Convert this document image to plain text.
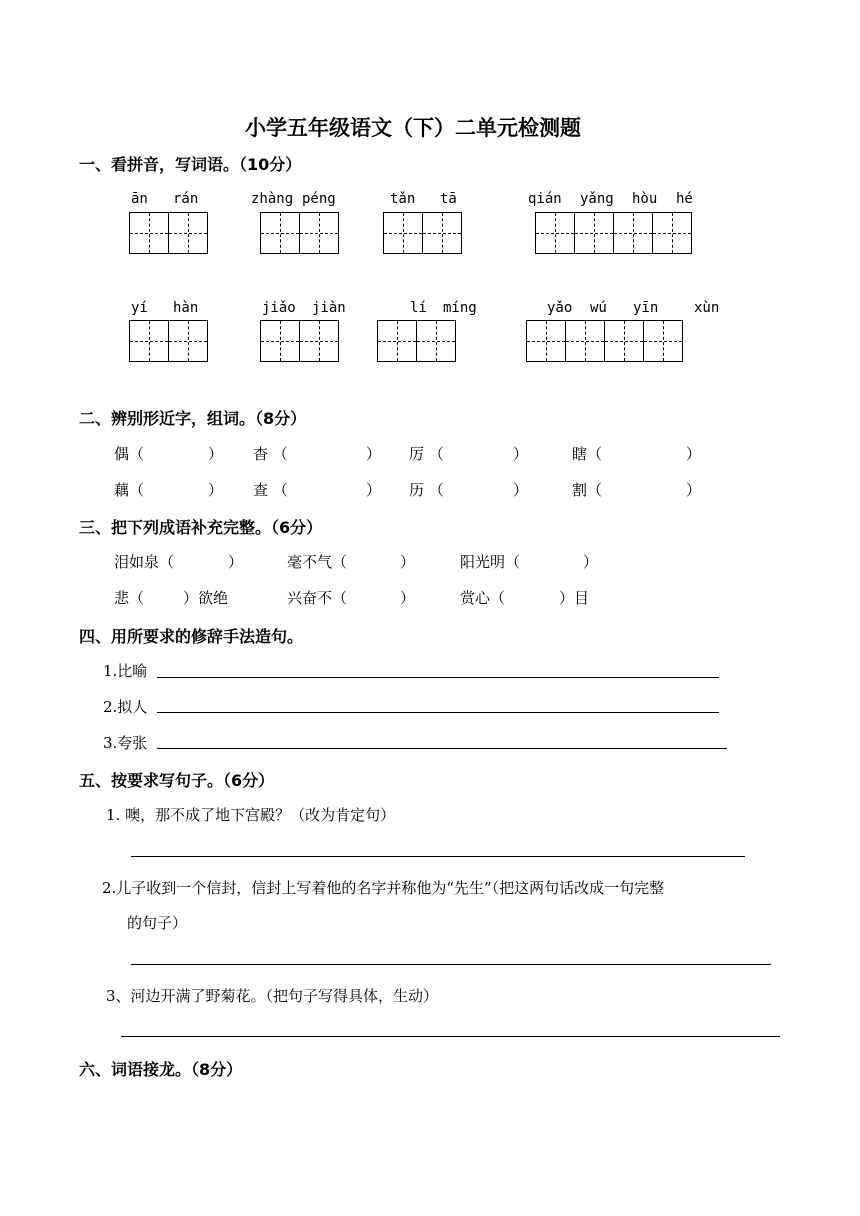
小学五年级语文（下）二单元检测题
一、看拼音，写词语。（10分）
ān rán	zhàng péng	tǎn tā	qián yǎng hòu hé
yí hàn	jiǎo jiàn	lí míng	yǎo wú yīn	xùn
二、辨别形近字，组词。（8分）
偶（	） 杳 （	） 厉 （	）	瞎（	）
藕（	） 查 （	） 历 （	）	割（	）
三、把下列成语补充完整。（6分）
泪如泉（	）	毫不气（	）	阳光明（	）
悲（	）欲绝	兴奋不（	）	赏心（	）目
四、用所要求的修辞手法造句。
1.比喻
2.拟人
3.夸张
五、按要求写句子。（6分）
1. 噢，那不成了地下宫殿？（改为肯定句）
2.儿子收到一个信封，信封上写着他的名字并称他为“先生”（把这两句话改成一句完整
的句子）
3、河边开满了野菊花。（把句子写得具体，生动）
六、词语接龙。（8分）
